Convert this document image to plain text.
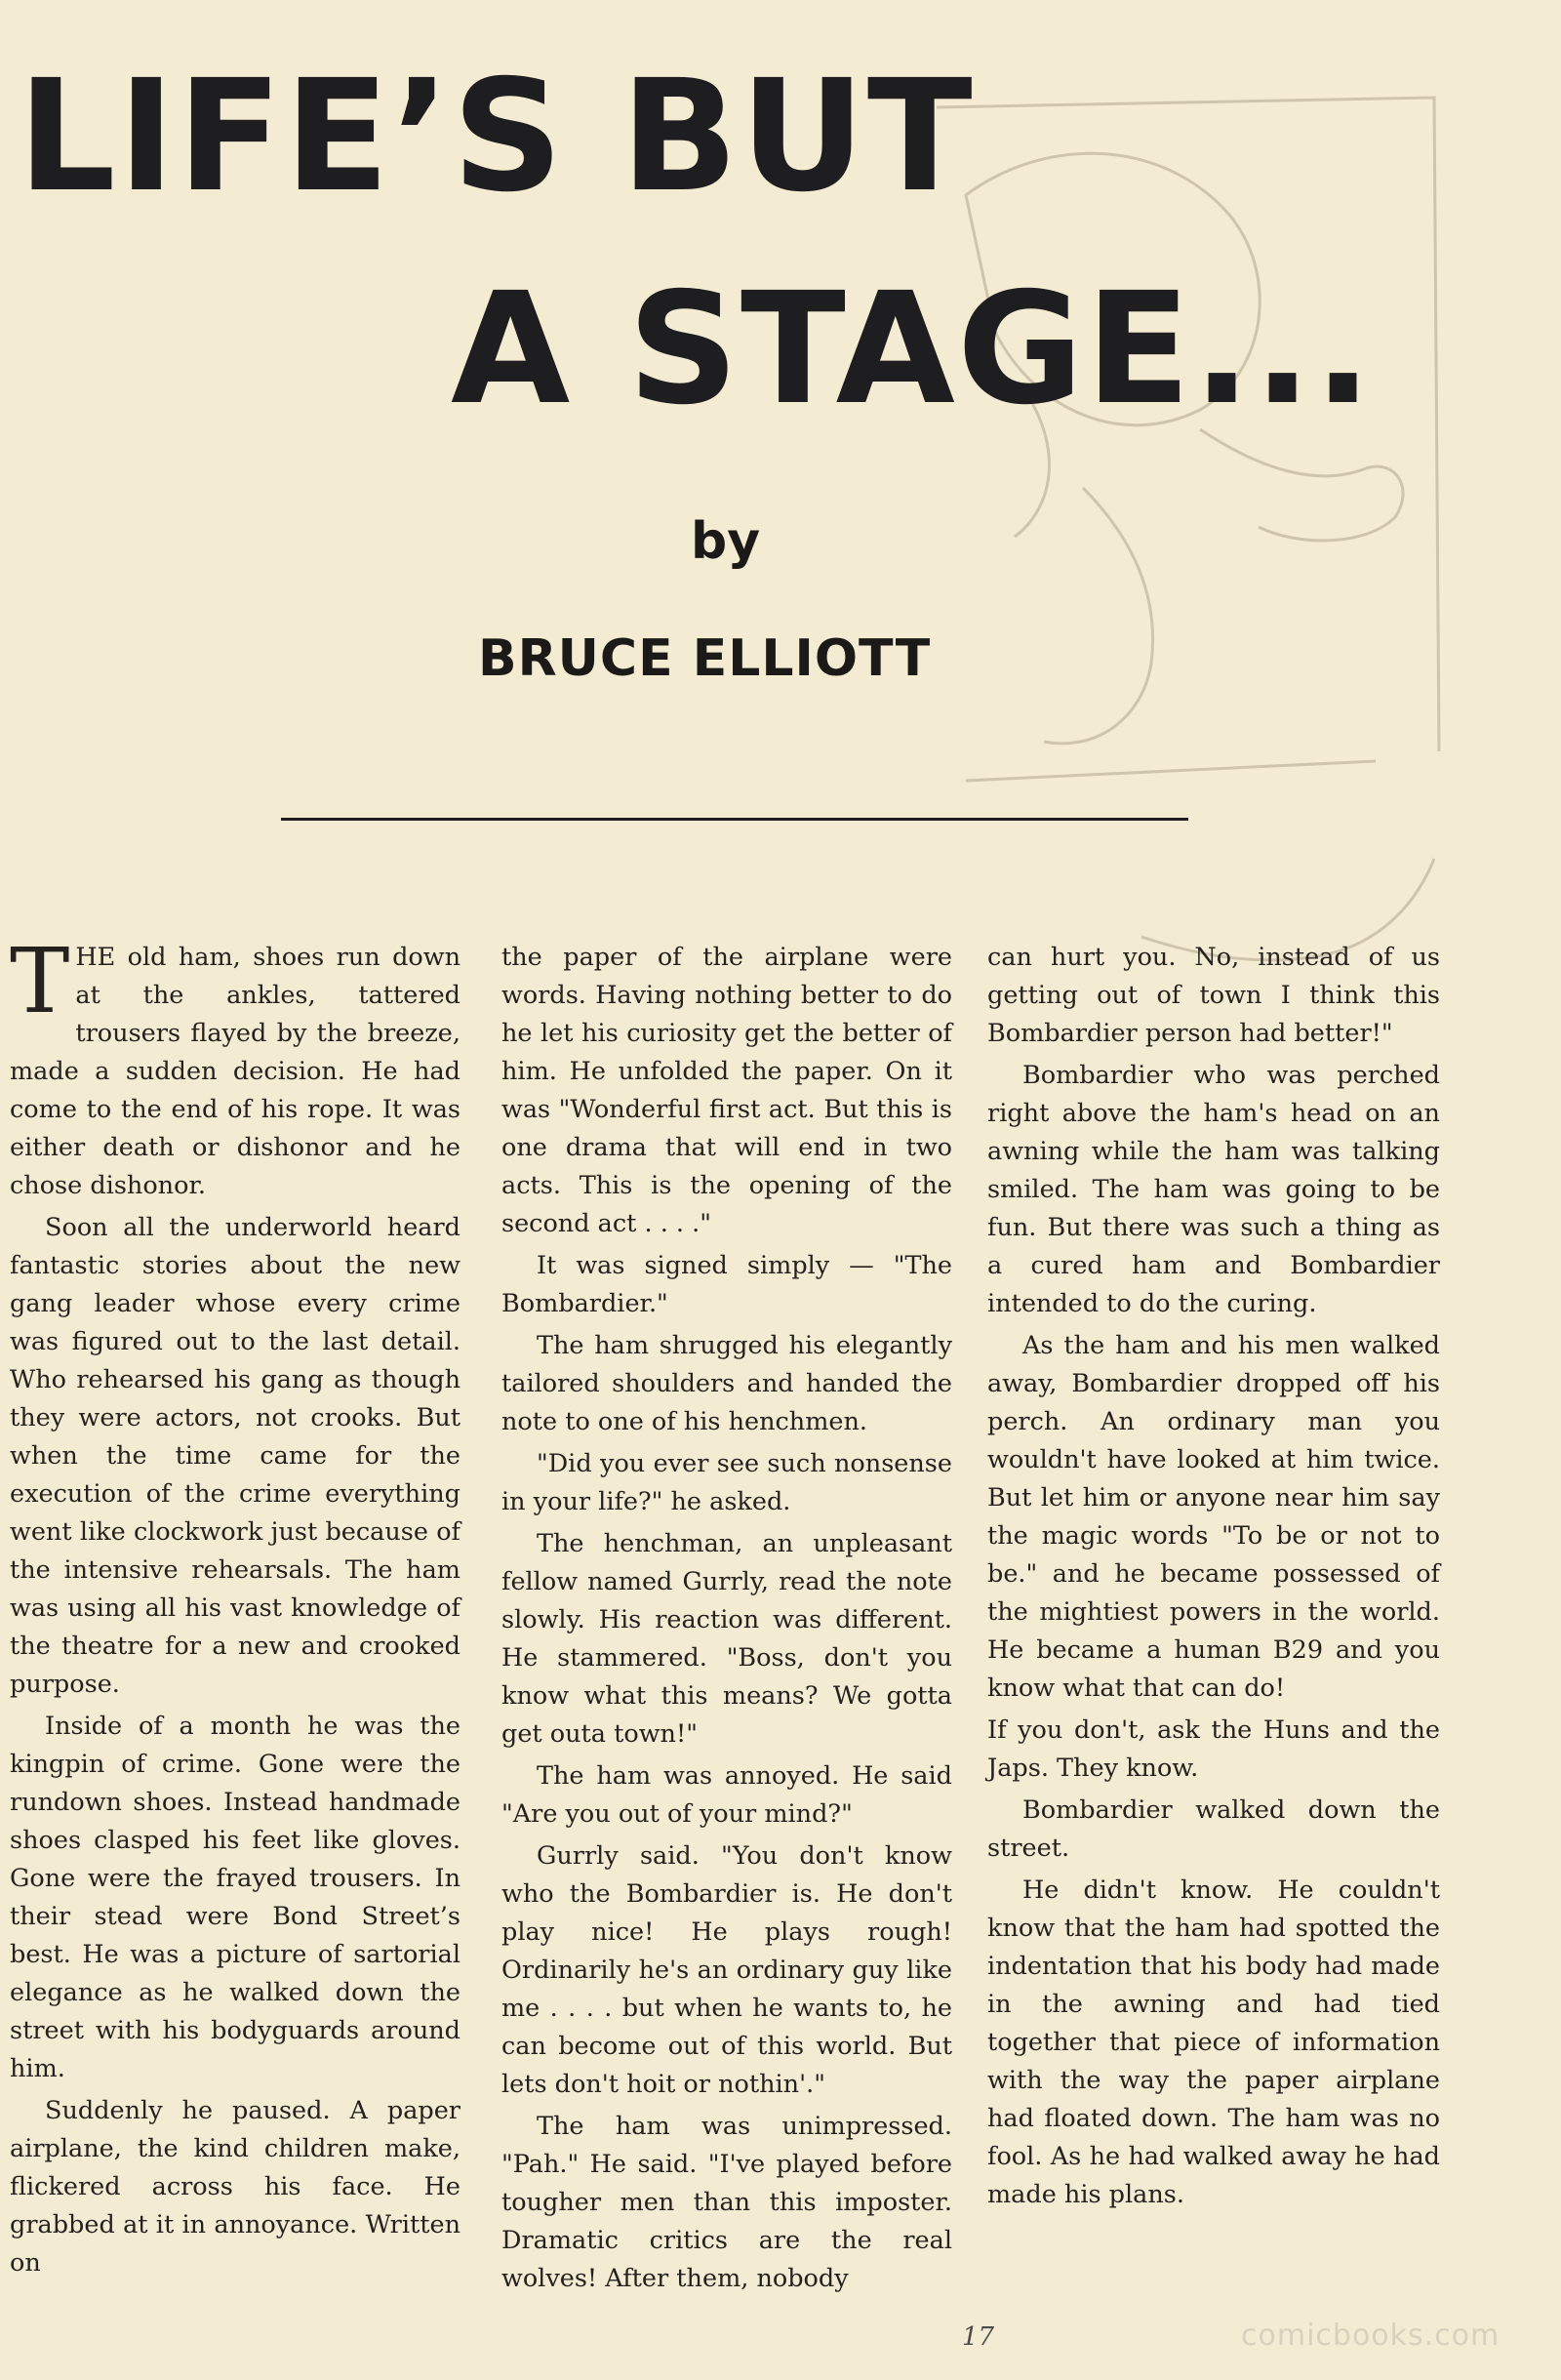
LIFE’S BUT
A STAGE...
by
BRUCE ELLIOTT

THE old ham, shoes run down at the ankles, tattered trousers flayed by the breeze, made a sudden decision. He had come to the end of his rope. It was either death or dishonor and he chose dishonor.

Soon all the underworld heard fantastic stories about the new gang leader whose every crime was figured out to the last detail. Who rehearsed his gang as though they were actors, not crooks. But when the time came for the execution of the crime everything went like clockwork just because of the intensive rehearsals. The ham was using all his vast knowledge of the theatre for a new and crooked purpose.

Inside of a month he was the kingpin of crime. Gone were the rundown shoes. Instead handmade shoes clasped his feet like gloves. Gone were the frayed trousers. In their stead were Bond Street’s best. He was a picture of sartorial elegance as he walked down the street with his bodyguards around him.

Suddenly he paused. A paper airplane, the kind children make, flickered across his face. He grabbed at it in annoyance. Written on

the paper of the airplane were words. Having nothing better to do he let his curiosity get the better of him. He unfolded the paper. On it was "Wonderful first act. But this is one drama that will end in two acts. This is the opening of the second act . . . ."

It was signed simply — "The Bombardier."

The ham shrugged his elegantly tailored shoulders and handed the note to one of his henchmen.

"Did you ever see such nonsense in your life?" he asked.

The henchman, an unpleasant fellow named Gurrly, read the note slowly. His reaction was different. He stammered. "Boss, don't you know what this means? We gotta get outa town!"

The ham was annoyed. He said "Are you out of your mind?"

Gurrly said. "You don't know who the Bombardier is. He don't play nice! He plays rough! Ordinarily he's an ordinary guy like me . . . . but when he wants to, he can become out of this world. But lets don't hoit or nothin'."

The ham was unimpressed. "Pah." He said. "I've played before tougher men than this imposter. Dramatic critics are the real wolves! After them, nobody

can hurt you. No, instead of us getting out of town I think this Bombardier person had better!"

Bombardier who was perched right above the ham's head on an awning while the ham was talking smiled. The ham was going to be fun. But there was such a thing as a cured ham and Bombardier intended to do the curing.

As the ham and his men walked away, Bombardier dropped off his perch. An ordinary man you wouldn't have looked at him twice. But let him or anyone near him say the magic words "To be or not to be." and he became possessed of the mightiest powers in the world. He became a human B29 and you know what that can do!

If you don't, ask the Huns and the Japs. They know.

Bombardier walked down the street.

He didn't know. He couldn't know that the ham had spotted the indentation that his body had made in the awning and had tied together that piece of information with the way the paper airplane had floated down. The ham was no fool. As he had walked away he had made his plans.

17	comicbooks.com
